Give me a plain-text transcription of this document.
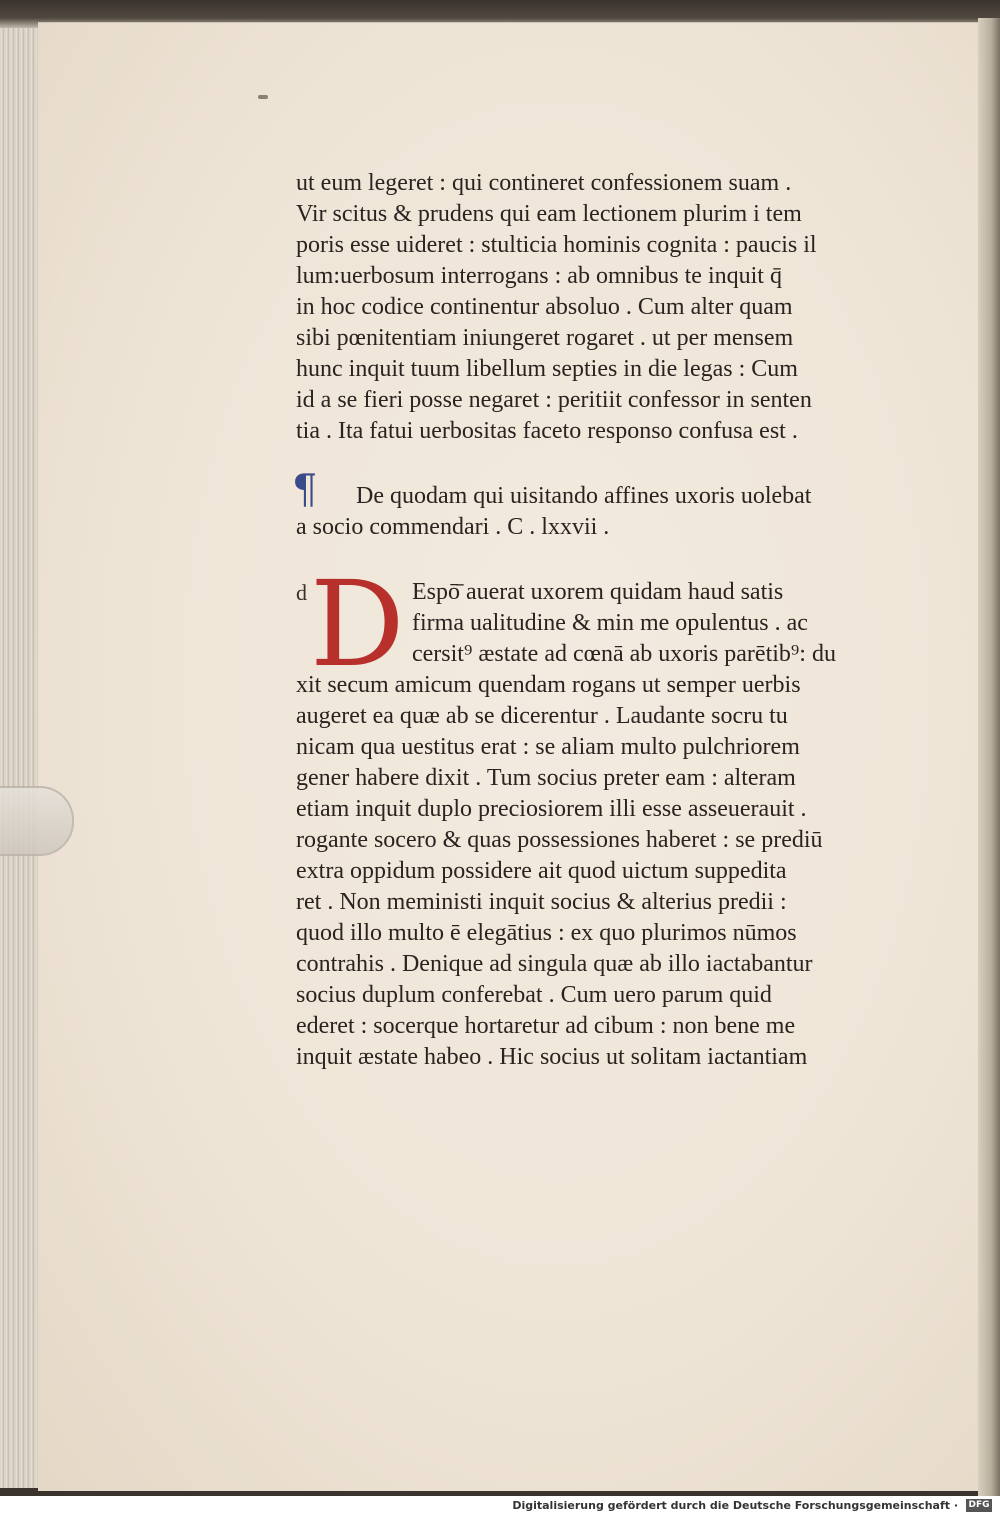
ut eum legeret : qui contineret confessionem suam .
Vir scitus & prudens qui eam lectionem plurim i tem
poris esse uideret : stulticia hominis cognita : paucis il
lum:uerbosum interrogans : ab omnibus te inquit q̄
in hoc codice continentur absoluo . Cum alter quam
sibi pœnitentiam iniungeret rogaret . ut per mensem
hunc inquit tuum libellum septies in die legas : Cum
id a se fieri posse negaret : peritiit confessor in senten
tia . Ita fatui uerbositas faceto responso confusa est .
¶	De quodam qui uisitando affines uxoris uolebat
a socio commendari . C . lxxvii .
d D Espō̄ auerat uxorem quidam haud satis
firma ualitudine & min me opulentus . ac
cersit⁹ æstate ad cœnā ab uxoris parētib⁹: du
xit secum amicum quendam rogans ut semper uerbis
augeret ea quæ ab se dicerentur . Laudante socru tu
nicam qua uestitus erat : se aliam multo pulchriorem
gener habere dixit . Tum socius preter eam : alteram
etiam inquit duplo preciosiorem illi esse asseuerauit .
rogante socero & quas possessiones haberet : se prediū
extra oppidum possidere ait quod uictum suppedita
ret . Non meministi inquit socius & alterius predii :
quod illo multo ē elegātius : ex quo plurimos nūmos
contrahis . Denique ad singula quæ ab illo iactabantur
socius duplum conferebat . Cum uero parum quid
ederet : socerque hortaretur ad cibum : non bene me
inquit æstate habeo . Hic socius ut solitam iactantiam
Digitalisierung gefördert durch die Deutsche Forschungsgemeinschaft · DFG
